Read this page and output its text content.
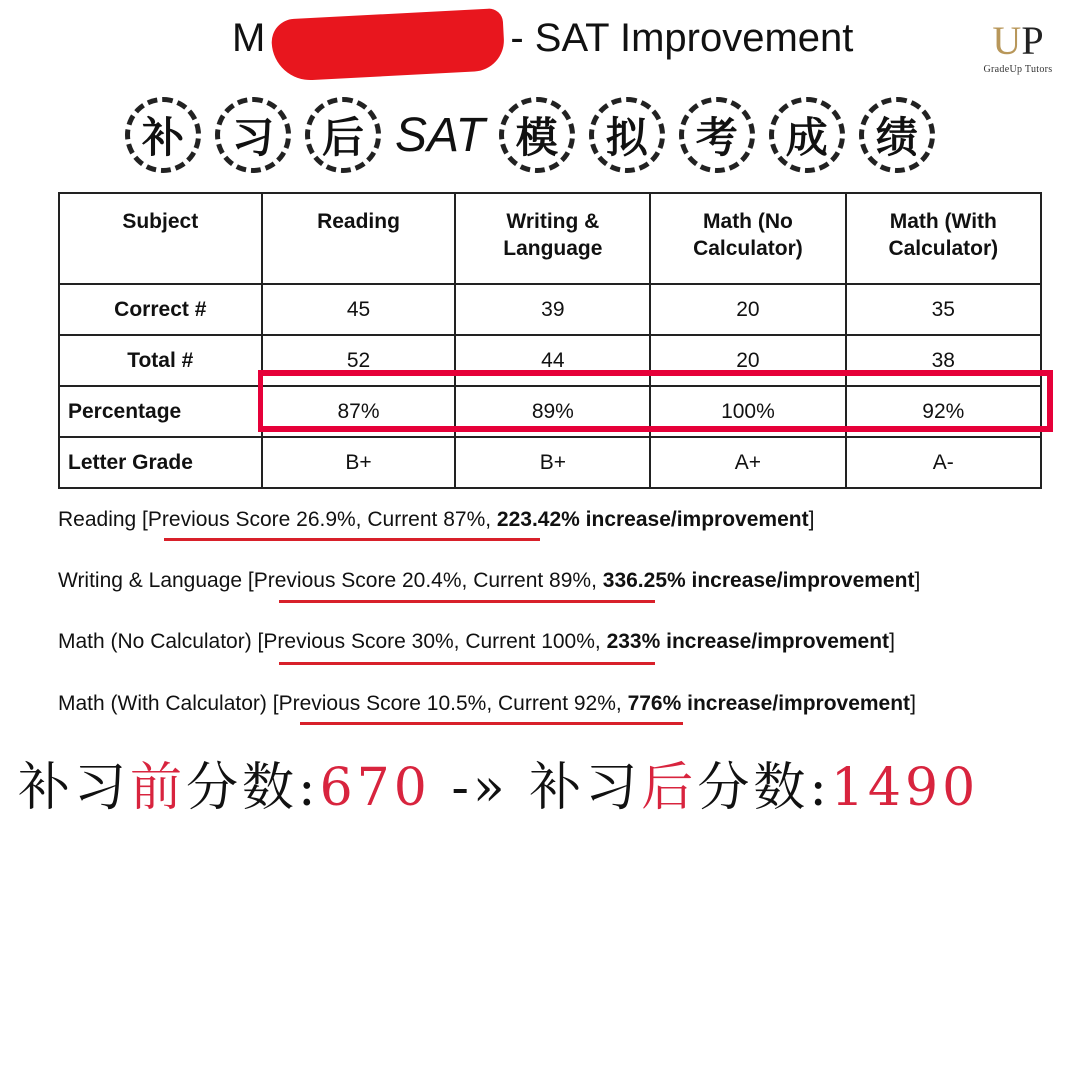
M	- SAT Improvement	UP
GradeUp Tutors
补	习	后 SAT 模	拟	考	成	绩
Subject	Reading	Writing & Language	Math (No Calculator)	Math (With Calculator)
Correct #	45	39	20	35
Total #	52	44	20	38
Percentage	87%	89%	100%	92%
Letter Grade	B+	B+	A+	A-
Reading [Previous Score 26.9%, Current 87%, 223.42% increase/improvement]
Writing & Language [Previous Score 20.4%, Current 89%, 336.25% increase/improvement]
Math (No Calculator) [Previous Score 30%, Current 100%, 233% increase/improvement]
Math (With Calculator) [Previous Score 10.5%, Current 92%, 776% increase/improvement]
补习前分数:670 -» 补习后分数:1490
